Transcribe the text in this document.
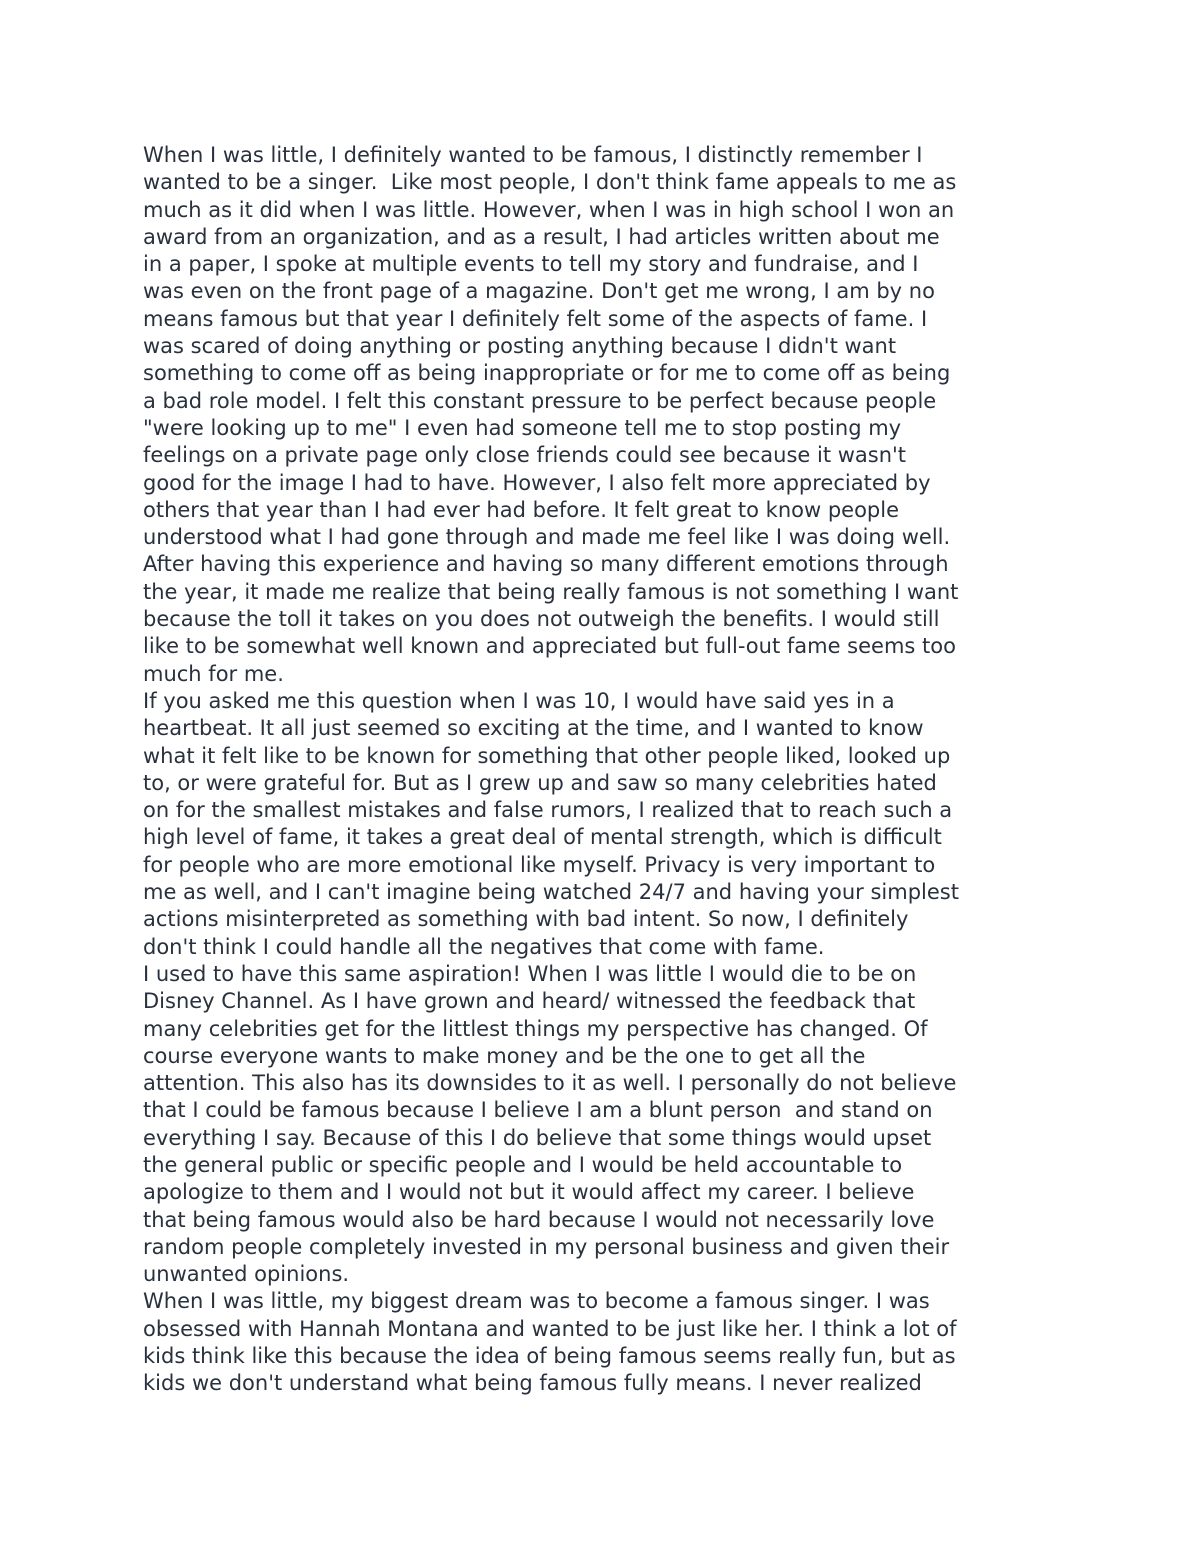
When I was little, I definitely wanted to be famous, I distinctly remember I
wanted to be a singer.  Like most people, I don't think fame appeals to me as
much as it did when I was little. However, when I was in high school I won an
award from an organization, and as a result, I had articles written about me
in a paper, I spoke at multiple events to tell my story and fundraise, and I
was even on the front page of a magazine. Don't get me wrong, I am by no
means famous but that year I definitely felt some of the aspects of fame. I
was scared of doing anything or posting anything because I didn't want
something to come off as being inappropriate or for me to come off as being
a bad role model. I felt this constant pressure to be perfect because people
"were looking up to me" I even had someone tell me to stop posting my
feelings on a private page only close friends could see because it wasn't
good for the image I had to have. However, I also felt more appreciated by
others that year than I had ever had before. It felt great to know people
understood what I had gone through and made me feel like I was doing well.
After having this experience and having so many different emotions through
the year, it made me realize that being really famous is not something I want
because the toll it takes on you does not outweigh the benefits. I would still
like to be somewhat well known and appreciated but full-out fame seems too
much for me.
If you asked me this question when I was 10, I would have said yes in a
heartbeat. It all just seemed so exciting at the time, and I wanted to know
what it felt like to be known for something that other people liked, looked up
to, or were grateful for. But as I grew up and saw so many celebrities hated
on for the smallest mistakes and false rumors, I realized that to reach such a
high level of fame, it takes a great deal of mental strength, which is difficult
for people who are more emotional like myself. Privacy is very important to
me as well, and I can't imagine being watched 24/7 and having your simplest
actions misinterpreted as something with bad intent. So now, I definitely
don't think I could handle all the negatives that come with fame.
I used to have this same aspiration! When I was little I would die to be on
Disney Channel. As I have grown and heard/ witnessed the feedback that
many celebrities get for the littlest things my perspective has changed. Of
course everyone wants to make money and be the one to get all the
attention. This also has its downsides to it as well. I personally do not believe
that I could be famous because I believe I am a blunt person  and stand on
everything I say. Because of this I do believe that some things would upset
the general public or specific people and I would be held accountable to
apologize to them and I would not but it would affect my career. I believe
that being famous would also be hard because I would not necessarily love
random people completely invested in my personal business and given their
unwanted opinions.
When I was little, my biggest dream was to become a famous singer. I was
obsessed with Hannah Montana and wanted to be just like her. I think a lot of
kids think like this because the idea of being famous seems really fun, but as
kids we don't understand what being famous fully means. I never realized
